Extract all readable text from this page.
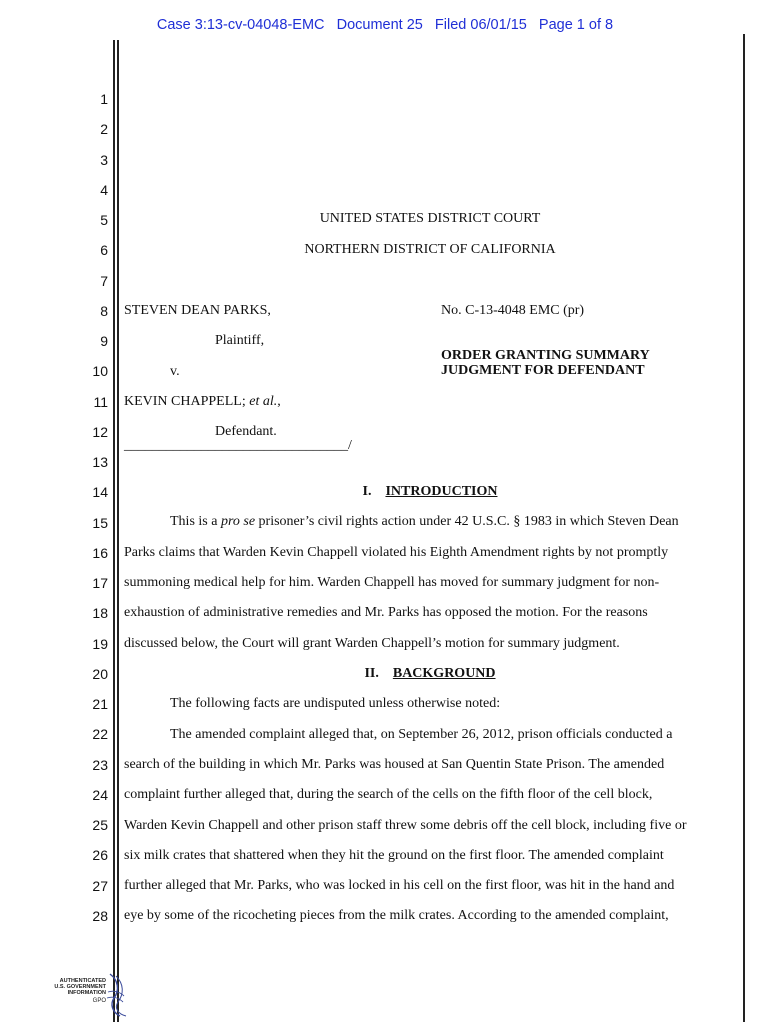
Case 3:13-cv-04048-EMC   Document 25   Filed 06/01/15   Page 1 of 8
1
2
3
4
5
6
7
8
9
10
11
12
13
14
15
16
17
18
19
20
21
22
23
24
25
26
27
28
UNITED STATES DISTRICT COURT
NORTHERN DISTRICT OF CALIFORNIA
STEVEN DEAN PARKS,	No. C-13-4048 EMC (pr)
Plaintiff,
ORDER GRANTING SUMMARY
JUDGMENT FOR DEFENDANT
v.
KEVIN CHAPPELL; et al.,
Defendant.
________________________________/
I. INTRODUCTION
This is a pro se prisoner’s civil rights action under 42 U.S.C. § 1983 in which Steven Dean
Parks claims that Warden Kevin Chappell violated his Eighth Amendment rights by not promptly
summoning medical help for him. Warden Chappell has moved for summary judgment for non-
exhaustion of administrative remedies and Mr. Parks has opposed the motion. For the reasons
discussed below, the Court will grant Warden Chappell’s motion for summary judgment.
II. BACKGROUND
The following facts are undisputed unless otherwise noted:
The amended complaint alleged that, on September 26, 2012, prison officials conducted a
search of the building in which Mr. Parks was housed at San Quentin State Prison. The amended
complaint further alleged that, during the search of the cells on the fifth floor of the cell block,
Warden Kevin Chappell and other prison staff threw some debris off the cell block, including five or
six milk crates that shattered when they hit the ground on the first floor. The amended complaint
further alleged that Mr. Parks, who was locked in his cell on the first floor, was hit in the hand and
eye by some of the ricocheting pieces from the milk crates. According to the amended complaint,
AUTHENTICATED
U.S. GOVERNMENT
INFORMATION
GPO
